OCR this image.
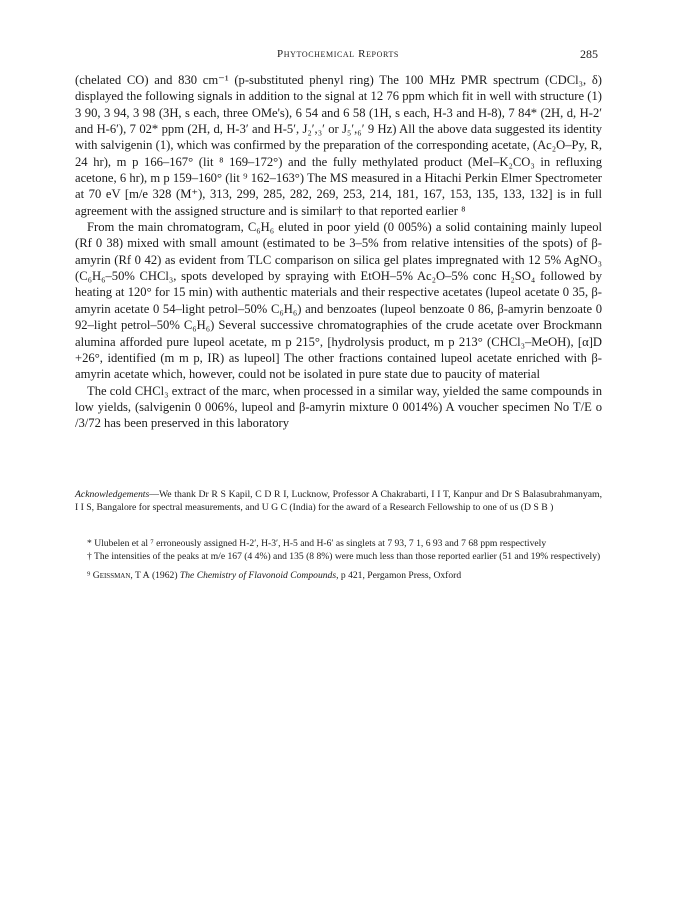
Phytochemical Reports	285

(chelated CO) and 830 cm⁻¹ (p-substituted phenyl ring) The 100 MHz PMR spectrum (CDCl₃, δ) displayed the following signals in addition to the signal at 12 76 ppm which fit in well with structure (1) 3 90, 3 94, 3 98 (3H, s each, three OMe's), 6 54 and 6 58 (1H, s each, H-3 and H-8), 7 84* (2H, d, H-2′ and H-6′), 7 02* ppm (2H, d, H-3′ and H-5′, J₂′,₃′ or J₅′,₆′ 9 Hz) All the above data suggested its identity with salvigenin (1), which was confirmed by the preparation of the corresponding acetate, (Ac₂O–Py, R, 24 hr), m p 166–167° (lit ⁸ 169–172°) and the fully methylated product (MeI–K₂CO₃ in refluxing acetone, 6 hr), m p 159–160° (lit ⁹ 162–163°) The MS measured in a Hitachi Perkin Elmer Spectrometer at 70 eV [m/e 328 (M⁺), 313, 299, 285, 282, 269, 253, 214, 181, 167, 153, 135, 133, 132] is in full agreement with the assigned structure and is similar† to that reported earlier ⁸

From the main chromatogram, C₆H₆ eluted in poor yield (0 005%) a solid containing mainly lupeol (Rf 0 38) mixed with small amount (estimated to be 3–5% from relative intensities of the spots) of β-amyrin (Rf 0 42) as evident from TLC comparison on silica gel plates impregnated with 12 5% AgNO₃ (C₆H₆–50% CHCl₃, spots developed by spraying with EtOH–5% Ac₂O–5% conc H₂SO₄ followed by heating at 120° for 15 min) with authentic materials and their respective acetates (lupeol acetate 0 35, β-amyrin acetate 0 54–light petrol–50% C₆H₆) and benzoates (lupeol benzoate 0 86, β-amyrin benzoate 0 92–light petrol–50% C₆H₆) Several successive chromatographies of the crude acetate over Brockmann alumina afforded pure lupeol acetate, m p 215°, [hydrolysis product, m p 213° (CHCl₃–MeOH), [α]D +26°, identified (m m p, IR) as lupeol] The other fractions contained lupeol acetate enriched with β-amyrin acetate which, however, could not be isolated in pure state due to paucity of material

The cold CHCl₃ extract of the marc, when processed in a similar way, yielded the same compounds in low yields, (salvigenin 0 006%, lupeol and β-amyrin mixture 0 0014%) A voucher specimen No T/E o /3/72 has been preserved in this laboratory

Acknowledgements—We thank Dr R S Kapil, C D R I, Lucknow, Professor A Chakrabarti, I I T, Kanpur and Dr S Balasubrahmanyam, I I S, Bangalore for spectral measurements, and U G C (India) for the award of a Research Fellowship to one of us (D S B )

* Ulubelen et al ⁷ erroneously assigned H-2′, H-3′, H-5 and H-6′ as singlets at 7 93, 7 1, 6 93 and 7 68 ppm respectively

† The intensities of the peaks at m/e 167 (4 4%) and 135 (8 8%) were much less than those reported earlier (51 and 19% respectively)

⁹ Geissman, T A (1962) The Chemistry of Flavonoid Compounds, p 421, Pergamon Press, Oxford
